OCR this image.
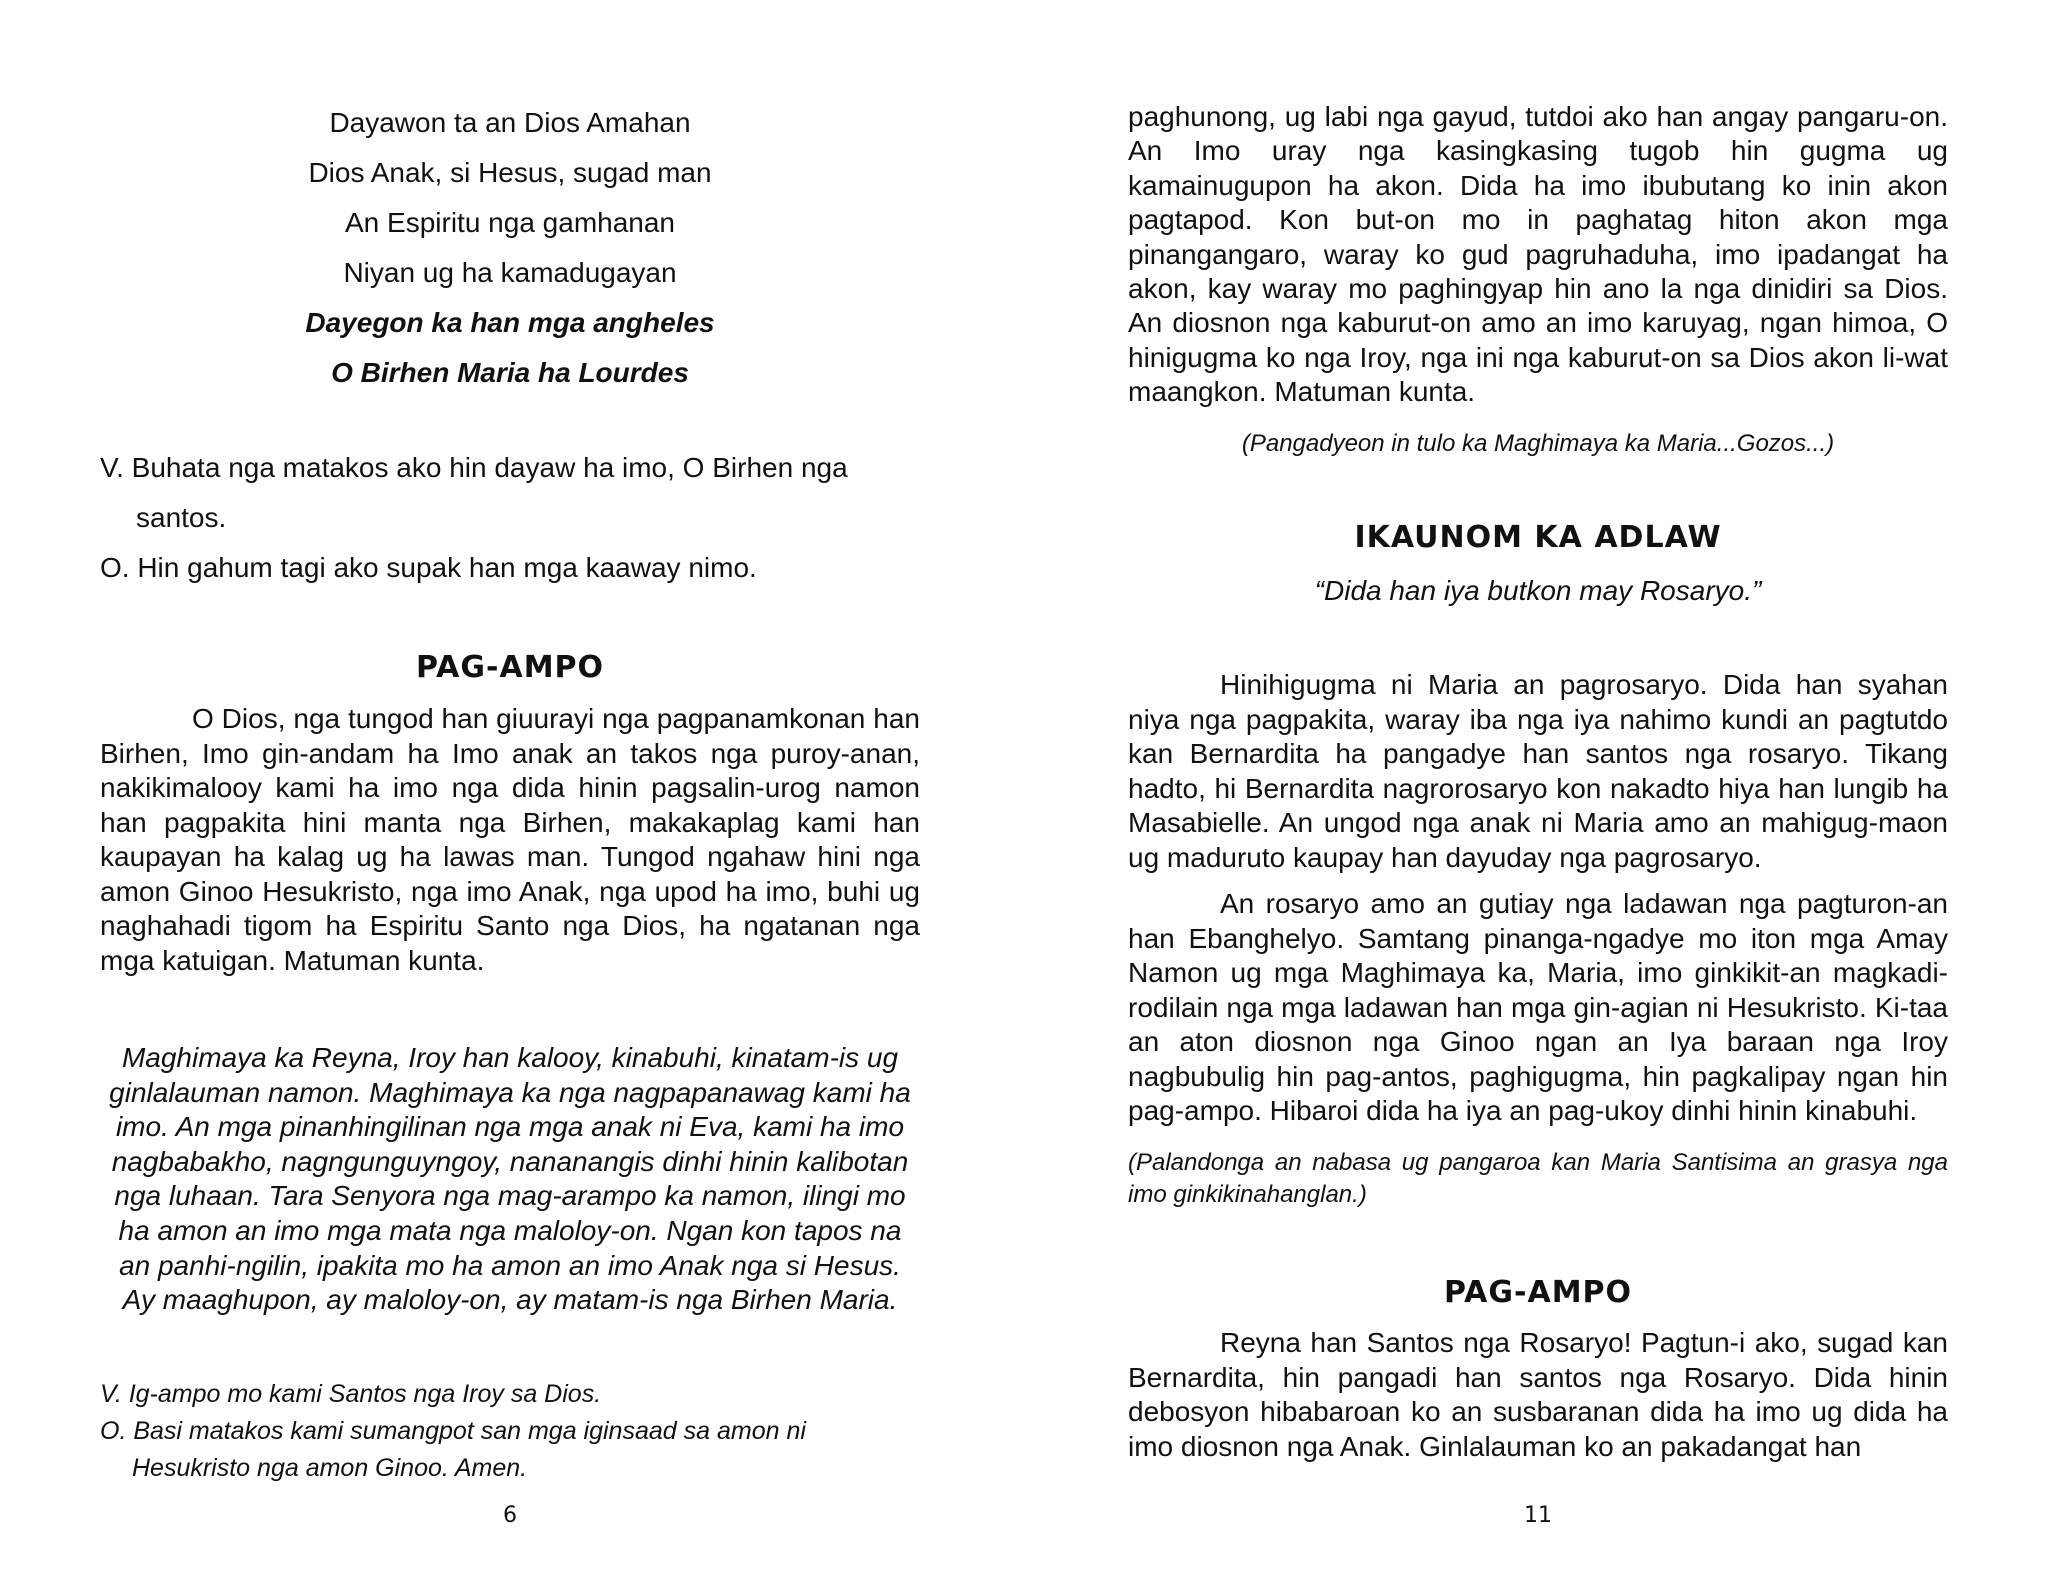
Dayawon ta an Dios Amahan
Dios Anak, si Hesus, sugad man
An Espiritu nga gamhanan
Niyan ug ha kamadugayan
Dayegon ka han mga angheles
O Birhen Maria ha Lourdes
V. Buhata nga matakos ako hin dayaw ha imo, O Birhen nga
santos.
O. Hin gahum tagi ako supak han mga kaaway nimo.
PAG-AMPO

O Dios, nga tungod han giuurayi nga pagpanamkonan han Birhen, Imo gin-andam ha Imo anak an takos nga puroy-anan, nakikimalooy kami ha imo nga dida hinin pagsalin-urog namon han pagpakita hini manta nga Birhen, makakaplag kami han kaupayan ha kalag ug ha lawas man. Tungod ngahaw hini nga amon Ginoo Hesukristo, nga imo Anak, nga upod ha imo, buhi ug naghahadi tigom ha Espiritu Santo nga Dios, ha ngatanan nga mga katuigan. Matuman kunta.

Maghimaya ka Reyna, Iroy han kalooy, kinabuhi, kinatam-is ug ginlalauman namon. Maghimaya ka nga nagpapanawag kami ha imo. An mga pinanhingilinan nga mga anak ni Eva, kami ha imo nagbabakho, nagngunguyngoy, nananangis dinhi hinin kalibotan nga luhaan. Tara Senyora nga mag-arampo ka namon, ilingi mo ha amon an imo mga mata nga maloloy-on. Ngan kon tapos na an panhi-ngilin, ipakita mo ha amon an imo Anak nga si Hesus. Ay maaghupon, ay maloloy-on, ay matam-is nga Birhen Maria.

V. Ig-ampo mo kami Santos nga Iroy sa Dios.
O. Basi matakos kami sumangpot san mga iginsaad sa amon ni
Hesukristo nga amon Ginoo. Amen.
6

paghunong, ug labi nga gayud, tutdoi ako han angay pangaru-on. An Imo uray nga kasingkasing tugob hin gugma ug kamainugupon ha akon. Dida ha imo ibubutang ko inin akon pagtapod. Kon but-on mo in paghatag hiton akon mga pinangangaro, waray ko gud pagruhaduha, imo ipadangat ha akon, kay waray mo paghingyap hin ano la nga dinidiri sa Dios. An diosnon nga kaburut-on amo an imo karuyag, ngan himoa, O hinigugma ko nga Iroy, nga ini nga kaburut-on sa Dios akon li-wat maangkon. Matuman kunta.

(Pangadyeon in tulo ka Maghimaya ka Maria...Gozos...)

IKAUNOM KA ADLAW
“Dida han iya butkon may Rosaryo.”

Hinihigugma ni Maria an pagrosaryo. Dida han syahan niya nga pagpakita, waray iba nga iya nahimo kundi an pagtutdo kan Bernardita ha pangadye han santos nga rosaryo. Tikang hadto, hi Bernardita nagrorosaryo kon nakadto hiya han lungib ha Masabielle. An ungod nga anak ni Maria amo an mahigug-maon ug maduruto kaupay han dayuday nga pagrosaryo.

An rosaryo amo an gutiay nga ladawan nga pagturon-an han Ebanghelyo. Samtang pinanga-ngadye mo iton mga Amay Namon ug mga Maghimaya ka, Maria, imo ginkikit-an magkadi-rodilain nga mga ladawan han mga gin-agian ni Hesukristo. Ki-taa an aton diosnon nga Ginoo ngan an Iya baraan nga Iroy nagbubulig hin pag-antos, paghigugma, hin pagkalipay ngan hin pag-ampo. Hibaroi dida ha iya an pag-ukoy dinhi hinin kinabuhi.

(Palandonga an nabasa ug pangaroa kan Maria Santisima an grasya nga imo ginkikinahanglan.)

PAG-AMPO

Reyna han Santos nga Rosaryo! Pagtun-i ako, sugad kan Bernardita, hin pangadi han santos nga Rosaryo. Dida hinin debosyon hibabaroan ko an susbaranan dida ha imo ug dida ha imo diosnon nga Anak. Ginlalauman ko an pakadangat han

11
